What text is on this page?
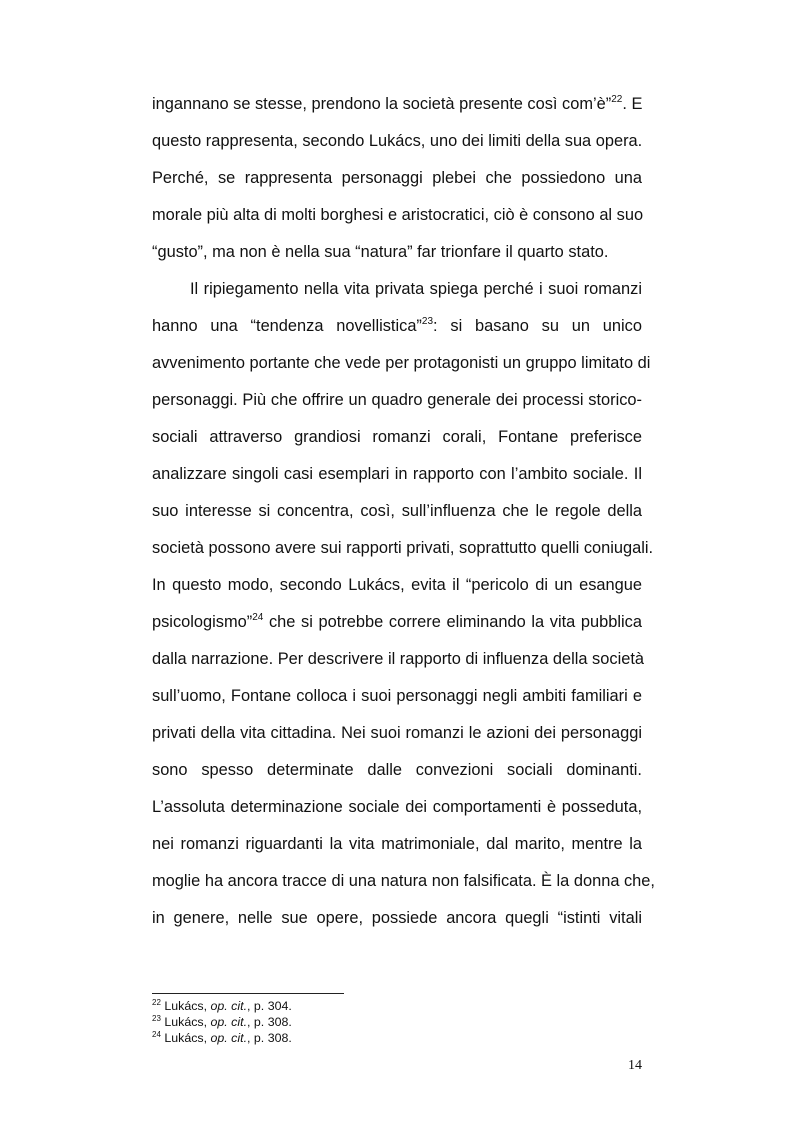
ingannano se stesse, prendono la società presente così com’è”$^{22}$. E
questo rappresenta, secondo Lukács, uno dei limiti della sua opera.
Perché, se rappresenta personaggi plebei che possiedono una
morale più alta di molti borghesi e aristocratici, ciò è consono al suo
“gusto”, ma non è nella sua “natura” far trionfare il quarto stato.
Il ripiegamento nella vita privata spiega perché i suoi romanzi
hanno una “tendenza novellistica”$^{23}$: si basano su un unico
avvenimento portante che vede per protagonisti un gruppo limitato di
personaggi. Più che offrire un quadro generale dei processi storico-
sociali attraverso grandiosi romanzi corali, Fontane preferisce
analizzare singoli casi esemplari in rapporto con l’ambito sociale. Il
suo interesse si concentra, così, sull’influenza che le regole della
società possono avere sui rapporti privati, soprattutto quelli coniugali.
In questo modo, secondo Lukács, evita il “pericolo di un esangue
psicologismo”$^{24}$ che si potrebbe correre eliminando la vita pubblica
dalla narrazione. Per descrivere il rapporto di influenza della società
sull’uomo, Fontane colloca i suoi personaggi negli ambiti familiari e
privati della vita cittadina. Nei suoi romanzi le azioni dei personaggi
sono spesso determinate dalle convezioni sociali dominanti.
L’assoluta determinazione sociale dei comportamenti è posseduta,
nei romanzi riguardanti la vita matrimoniale, dal marito, mentre la
moglie ha ancora tracce di una natura non falsificata. È la donna che,
in genere, nelle sue opere, possiede ancora quegli “istinti vitali
$^{22}$ Lukács, op. cit., p. 304.
$^{23}$ Lukács, op. cit., p. 308.
$^{24}$ Lukács, op. cit., p. 308.
14
